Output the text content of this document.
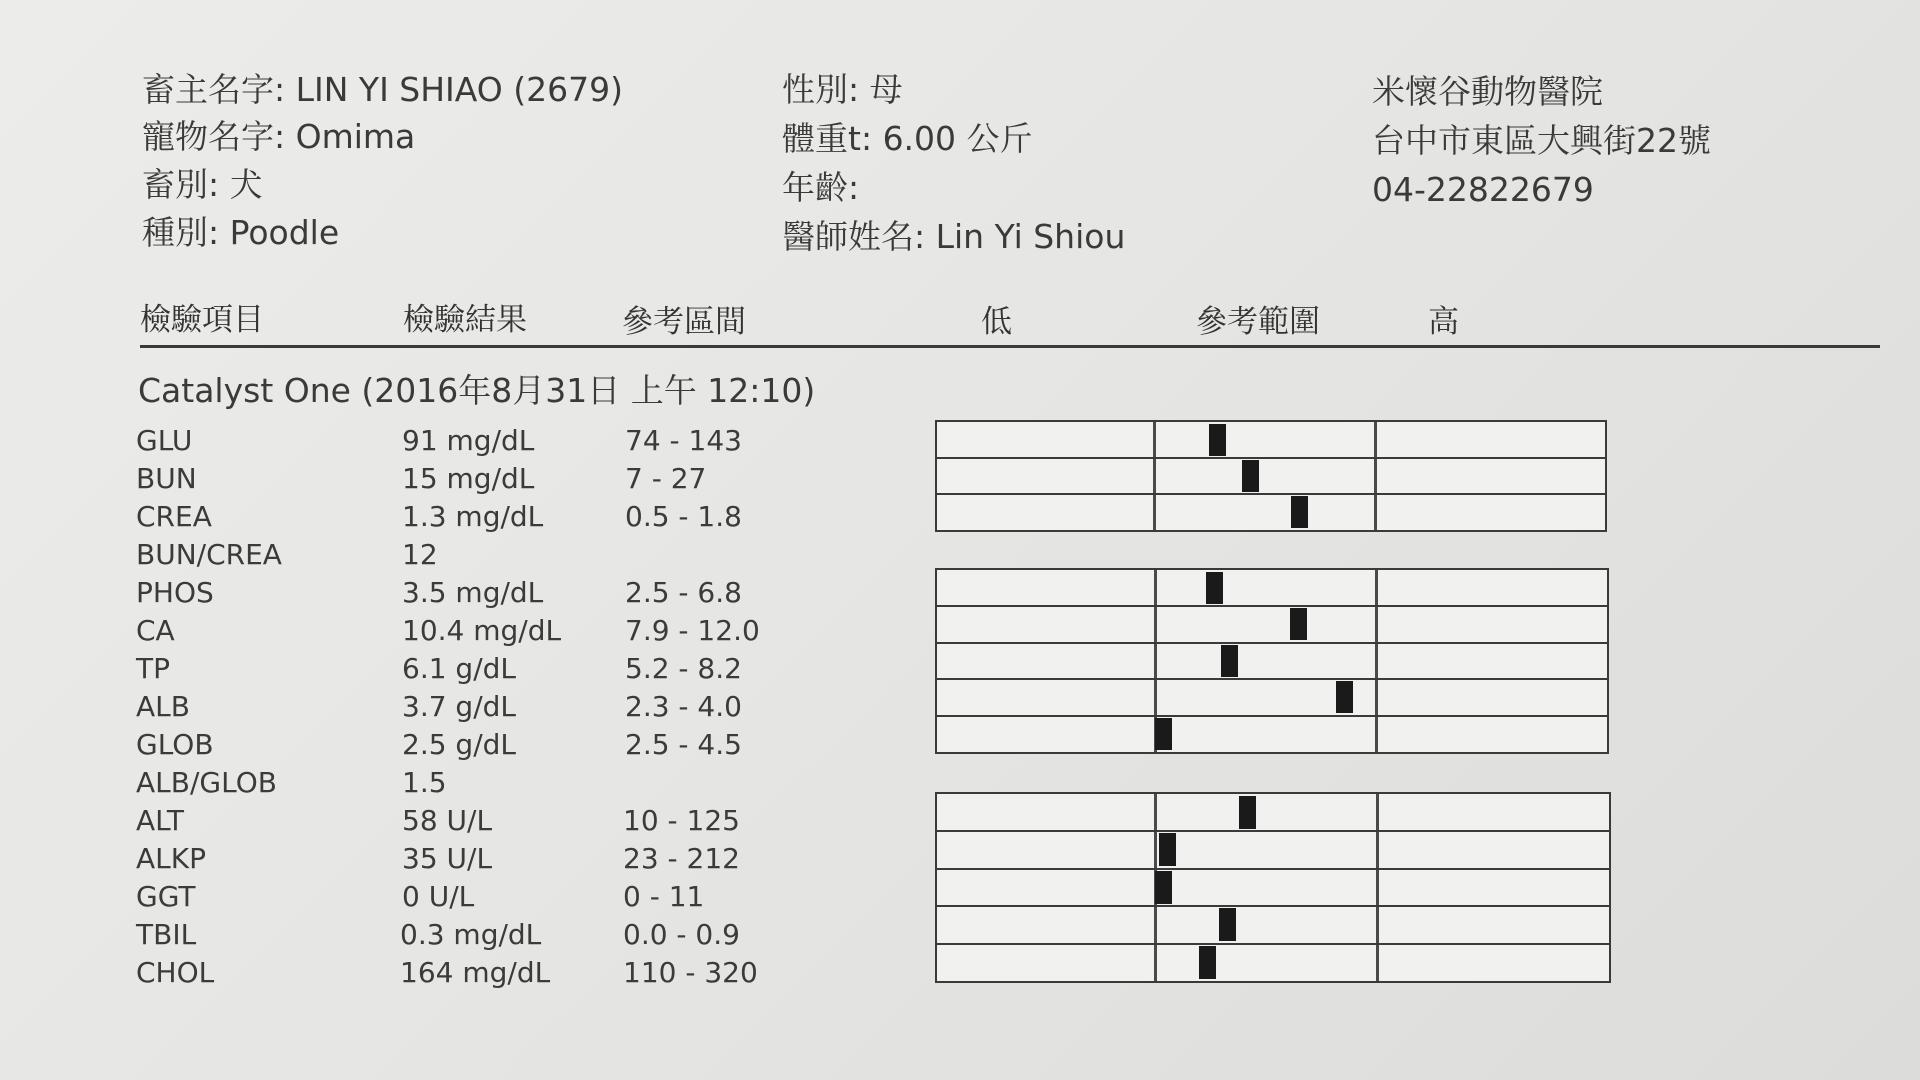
畜主名字: LIN YI SHIAO (2679)
寵物名字: Omima
畜別: 犬
種別: Poodle
性別: 母
體重t: 6.00 公斤
年齡:
醫師姓名: Lin Yi Shiou
米懷谷動物醫院
台中市東區大興街22號
04-22822679
檢驗項目	檢驗結果	參考區間	低	參考範圍	高
Catalyst One (2016年8月31日 上午 12:10)
GLU	91 mg/dL	74 - 143
BUN	15 mg/dL	7 - 27
CREA	1.3 mg/dL	0.5 - 1.8
BUN/CREA	12
PHOS	3.5 mg/dL	2.5 - 6.8
CA	10.4 mg/dL 7.9 - 12.0
TP	6.1 g/dL	5.2 - 8.2
ALB	3.7 g/dL	2.3 - 4.0
GLOB	2.5 g/dL	2.5 - 4.5
ALB/GLOB	1.5
ALT	58 U/L	10 - 125
ALKP	35 U/L	23 - 212
GGT	0 U/L	0 - 11
TBIL	0.3 mg/dL	0.0 - 0.9
CHOL	164 mg/dL	110 - 320
